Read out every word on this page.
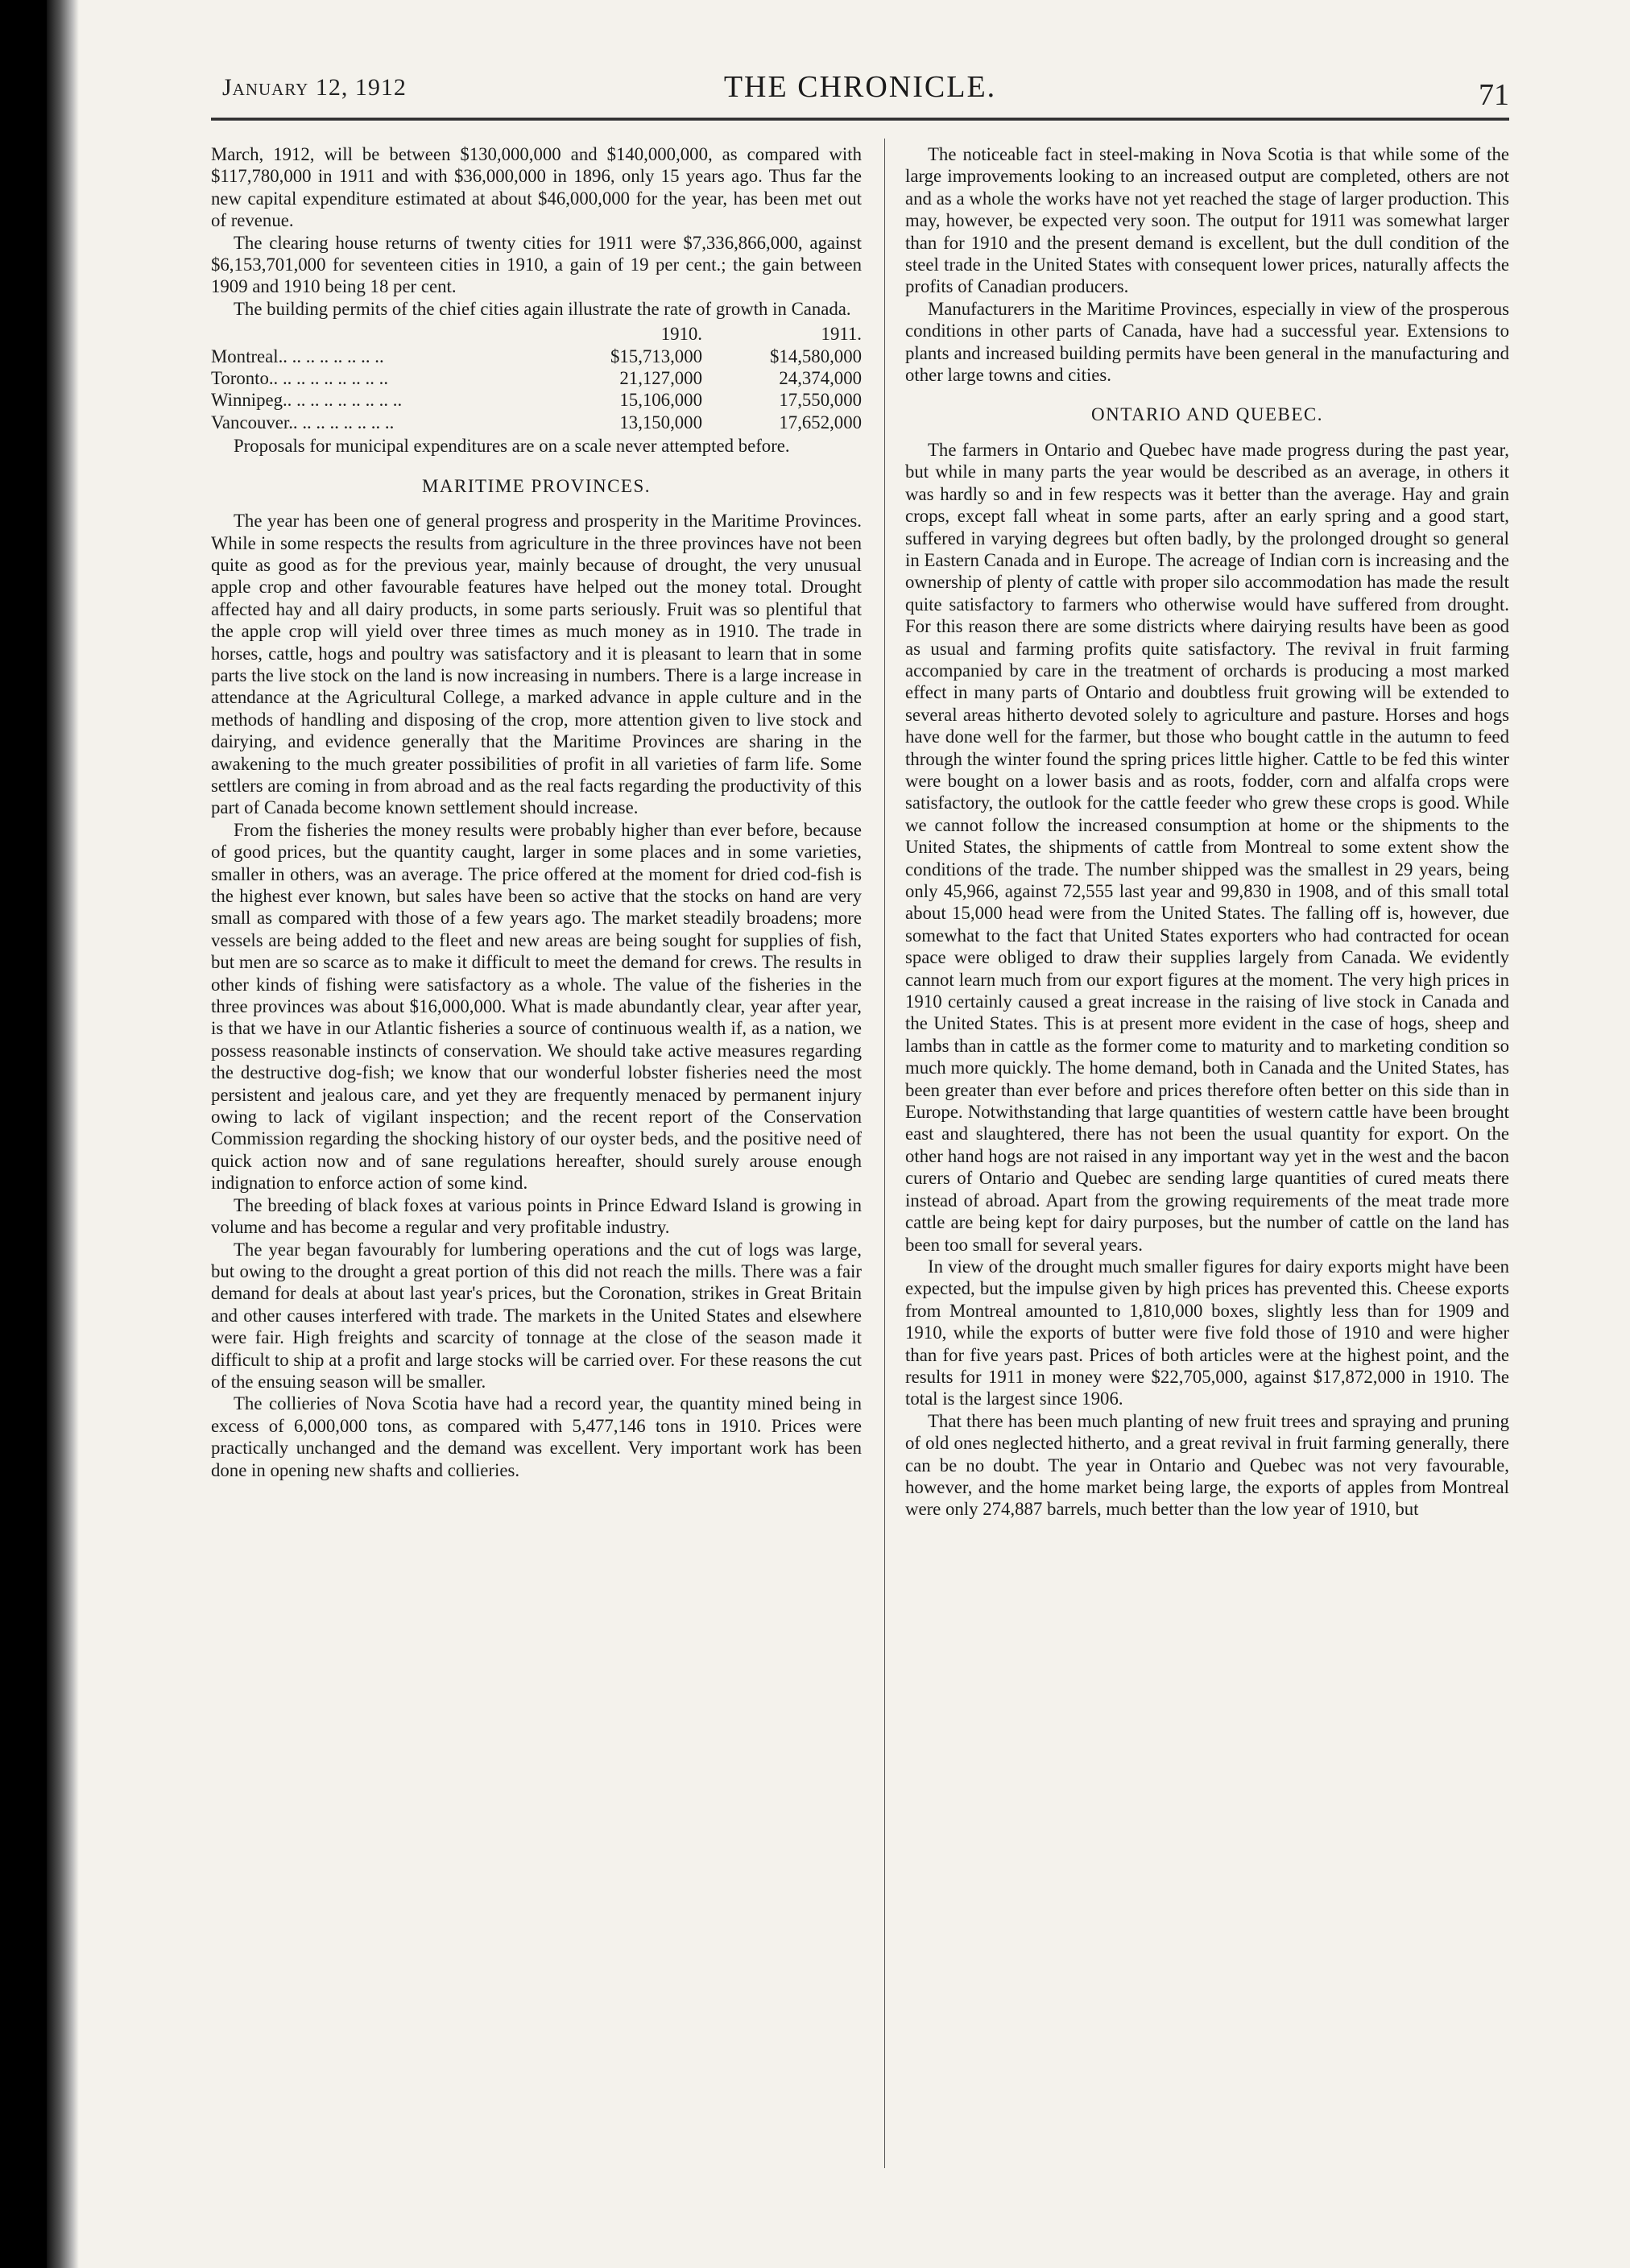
January 12, 1912	THE CHRONICLE.	71

March, 1912, will be between $130,000,000 and $140,000,000, as compared with $117,780,000 in 1911 and with $36,000,000 in 1896, only 15 years ago. Thus far the new capital expenditure estimated at about $46,000,000 for the year, has been met out of revenue.

The clearing house returns of twenty cities for 1911 were $7,336,866,000, against $6,153,701,000 for seventeen cities in 1910, a gain of 19 per cent.; the gain between 1909 and 1910 being 18 per cent.

The building permits of the chief cities again illustrate the rate of growth in Canada.

	1910.	1911.
Montreal.. .. .. .. .. .. .. ..	$15,713,000	$14,580,000
Toronto.. .. .. .. .. .. .. .. ..	21,127,000	24,374,000
Winnipeg.. .. .. .. .. .. .. .. ..	15,106,000	17,550,000
Vancouver.. .. .. .. .. .. .. ..	13,150,000	17,652,000

Proposals for municipal expenditures are on a scale never attempted before.

MARITIME PROVINCES.

The year has been one of general progress and prosperity in the Maritime Provinces. While in some respects the results from agriculture in the three provinces have not been quite as good as for the previous year, mainly because of drought, the very unusual apple crop and other favourable features have helped out the money total. Drought affected hay and all dairy products, in some parts seriously. Fruit was so plentiful that the apple crop will yield over three times as much money as in 1910. The trade in horses, cattle, hogs and poultry was satisfactory and it is pleasant to learn that in some parts the live stock on the land is now increasing in numbers. There is a large increase in attendance at the Agricultural College, a marked advance in apple culture and in the methods of handling and disposing of the crop, more attention given to live stock and dairying, and evidence generally that the Maritime Provinces are sharing in the awakening to the much greater possibilities of profit in all varieties of farm life. Some settlers are coming in from abroad and as the real facts regarding the productivity of this part of Canada become known settlement should increase.

From the fisheries the money results were probably higher than ever before, because of good prices, but the quantity caught, larger in some places and in some varieties, smaller in others, was an average. The price offered at the moment for dried cod-fish is the highest ever known, but sales have been so active that the stocks on hand are very small as compared with those of a few years ago. The market steadily broadens; more vessels are being added to the fleet and new areas are being sought for supplies of fish, but men are so scarce as to make it difficult to meet the demand for crews. The results in other kinds of fishing were satisfactory as a whole. The value of the fisheries in the three provinces was about $16,000,000. What is made abundantly clear, year after year, is that we have in our Atlantic fisheries a source of continuous wealth if, as a nation, we possess reasonable instincts of conservation. We should take active measures regarding the destructive dog-fish; we know that our wonderful lobster fisheries need the most persistent and jealous care, and yet they are frequently menaced by permanent injury owing to lack of vigilant inspection; and the recent report of the Conservation Commission regarding the shocking history of our oyster beds, and the positive need of quick action now and of sane regulations hereafter, should surely arouse enough indignation to enforce action of some kind.

The breeding of black foxes at various points in Prince Edward Island is growing in volume and has become a regular and very profitable industry.

The year began favourably for lumbering operations and the cut of logs was large, but owing to the drought a great portion of this did not reach the mills. There was a fair demand for deals at about last year's prices, but the Coronation, strikes in Great Britain and other causes interfered with trade. The markets in the United States and elsewhere were fair. High freights and scarcity of tonnage at the close of the season made it difficult to ship at a profit and large stocks will be carried over. For these reasons the cut of the ensuing season will be smaller.

The collieries of Nova Scotia have had a record year, the quantity mined being in excess of 6,000,000 tons, as compared with 5,477,146 tons in 1910. Prices were practically unchanged and the demand was excellent. Very important work has been done in opening new shafts and collieries.

The noticeable fact in steel-making in Nova Scotia is that while some of the large improvements looking to an increased output are completed, others are not and as a whole the works have not yet reached the stage of larger production. This may, however, be expected very soon. The output for 1911 was somewhat larger than for 1910 and the present demand is excellent, but the dull condition of the steel trade in the United States with consequent lower prices, naturally affects the profits of Canadian producers.

Manufacturers in the Maritime Provinces, especially in view of the prosperous conditions in other parts of Canada, have had a successful year. Extensions to plants and increased building permits have been general in the manufacturing and other large towns and cities.

ONTARIO AND QUEBEC.

The farmers in Ontario and Quebec have made progress during the past year, but while in many parts the year would be described as an average, in others it was hardly so and in few respects was it better than the average. Hay and grain crops, except fall wheat in some parts, after an early spring and a good start, suffered in varying degrees but often badly, by the prolonged drought so general in Eastern Canada and in Europe. The acreage of Indian corn is increasing and the ownership of plenty of cattle with proper silo accommodation has made the result quite satisfactory to farmers who otherwise would have suffered from drought. For this reason there are some districts where dairying results have been as good as usual and farming profits quite satisfactory. The revival in fruit farming accompanied by care in the treatment of orchards is producing a most marked effect in many parts of Ontario and doubtless fruit growing will be extended to several areas hitherto devoted solely to agriculture and pasture. Horses and hogs have done well for the farmer, but those who bought cattle in the autumn to feed through the winter found the spring prices little higher. Cattle to be fed this winter were bought on a lower basis and as roots, fodder, corn and alfalfa crops were satisfactory, the outlook for the cattle feeder who grew these crops is good. While we cannot follow the increased consumption at home or the shipments to the United States, the shipments of cattle from Montreal to some extent show the conditions of the trade. The number shipped was the smallest in 29 years, being only 45,966, against 72,555 last year and 99,830 in 1908, and of this small total about 15,000 head were from the United States. The falling off is, however, due somewhat to the fact that United States exporters who had contracted for ocean space were obliged to draw their supplies largely from Canada. We evidently cannot learn much from our export figures at the moment. The very high prices in 1910 certainly caused a great increase in the raising of live stock in Canada and the United States. This is at present more evident in the case of hogs, sheep and lambs than in cattle as the former come to maturity and to marketing condition so much more quickly. The home demand, both in Canada and the United States, has been greater than ever before and prices therefore often better on this side than in Europe. Notwithstanding that large quantities of western cattle have been brought east and slaughtered, there has not been the usual quantity for export. On the other hand hogs are not raised in any important way yet in the west and the bacon curers of Ontario and Quebec are sending large quantities of cured meats there instead of abroad. Apart from the growing requirements of the meat trade more cattle are being kept for dairy purposes, but the number of cattle on the land has been too small for several years.

In view of the drought much smaller figures for dairy exports might have been expected, but the impulse given by high prices has prevented this. Cheese exports from Montreal amounted to 1,810,000 boxes, slightly less than for 1909 and 1910, while the exports of butter were five fold those of 1910 and were higher than for five years past. Prices of both articles were at the highest point, and the results for 1911 in money were $22,705,000, against $17,872,000 in 1910. The total is the largest since 1906.

That there has been much planting of new fruit trees and spraying and pruning of old ones neglected hitherto, and a great revival in fruit farming generally, there can be no doubt. The year in Ontario and Quebec was not very favourable, however, and the home market being large, the exports of apples from Montreal were only 274,887 barrels, much better than the low year of 1910, but
